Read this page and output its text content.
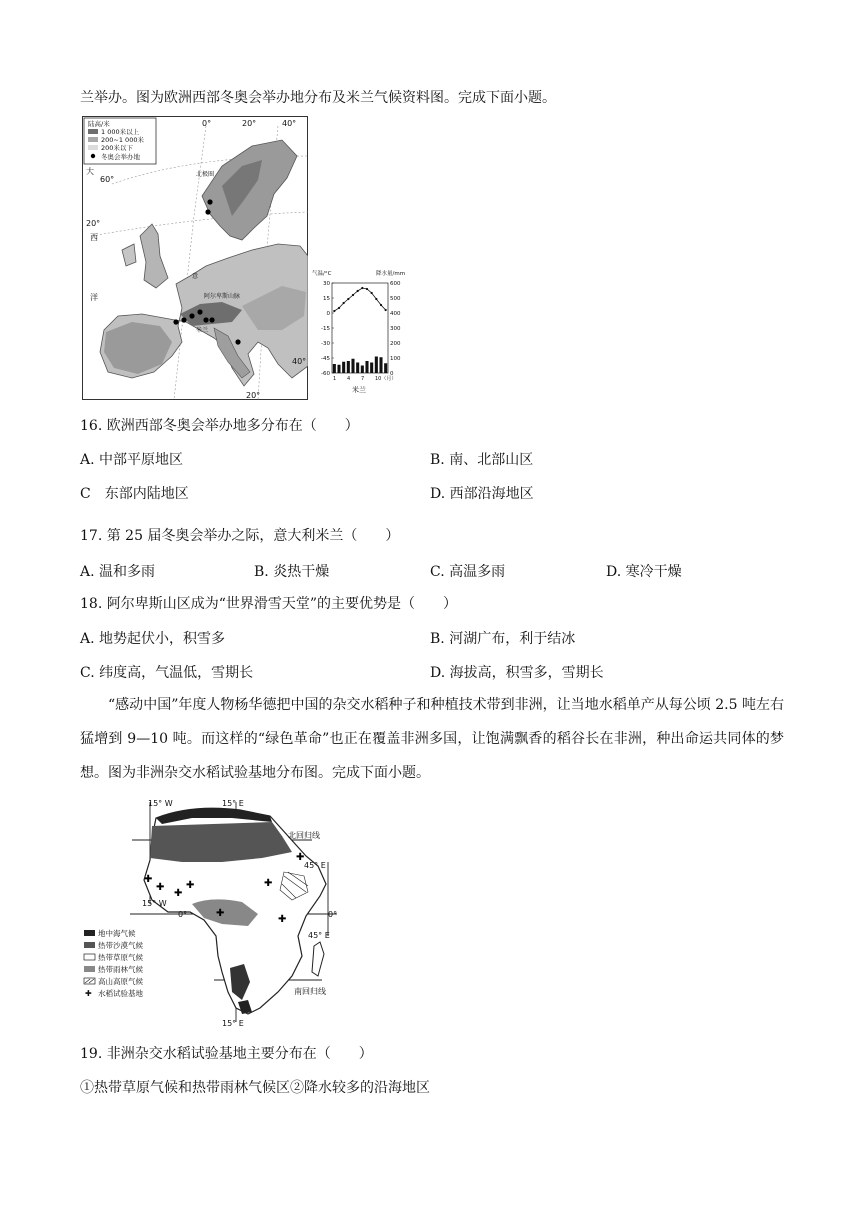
兰举办。图为欧洲西部冬奥会举办地分布及米兰气候资料图。完成下面小题。
陆高/米
1 000米以上
200~1 000米
200米以下
冬奥会举办地
0°	20°	40°
20°
60°
20°
40°
大
西
洋
北极圈
阿尔卑斯山脉
意
米 兰
气温/°C	降水量/mm
30
15
0
-15
-30
-45
-60
600
500
400
300
200
100
0
1 4 7 10（月）
米兰
16. 欧洲西部冬奥会举办地多分布在（　　）
A. 中部平原地区	B. 南、北部山区
C　东部内陆地区	D. 西部沿海地区
17. 第 25 届冬奥会举办之际，意大利米兰（　　）
A. 温和多雨	B. 炎热干燥	C. 高温多雨	D. 寒冷干燥
18. 阿尔卑斯山区成为“世界滑雪天堂”的主要优势是（　　）
A. 地势起伏小，积雪多	B. 河湖广布，利于结冰
C. 纬度高，气温低，雪期长	D. 海拔高，积雪多，雪期长
“感动中国”年度人物杨华德把中国的杂交水稻种子和种植技术带到非洲，让当地水稻单产从每公顷 2.5 吨左右猛增到 9—10 吨。而这样的“绿色革命”也正在覆盖非洲多国，让饱满飘香的稻谷长在非洲，种出命运共同体的梦想。图为非洲杂交水稻试验基地分布图。完成下面小题。
✚
✚
✚
✚
✚
✚
✚
✚
15° W	15° E
北回归线
45° E
15° W
0°	0°
45° E
南回归线
15° E
地中海气候
热带沙漠气候
热带草原气候
热带雨林气候
高山高原气候
✚ 水稻试验基地
19. 非洲杂交水稻试验基地主要分布在（　　）
①热带草原气候和热带雨林气候区②降水较多的沿海地区
